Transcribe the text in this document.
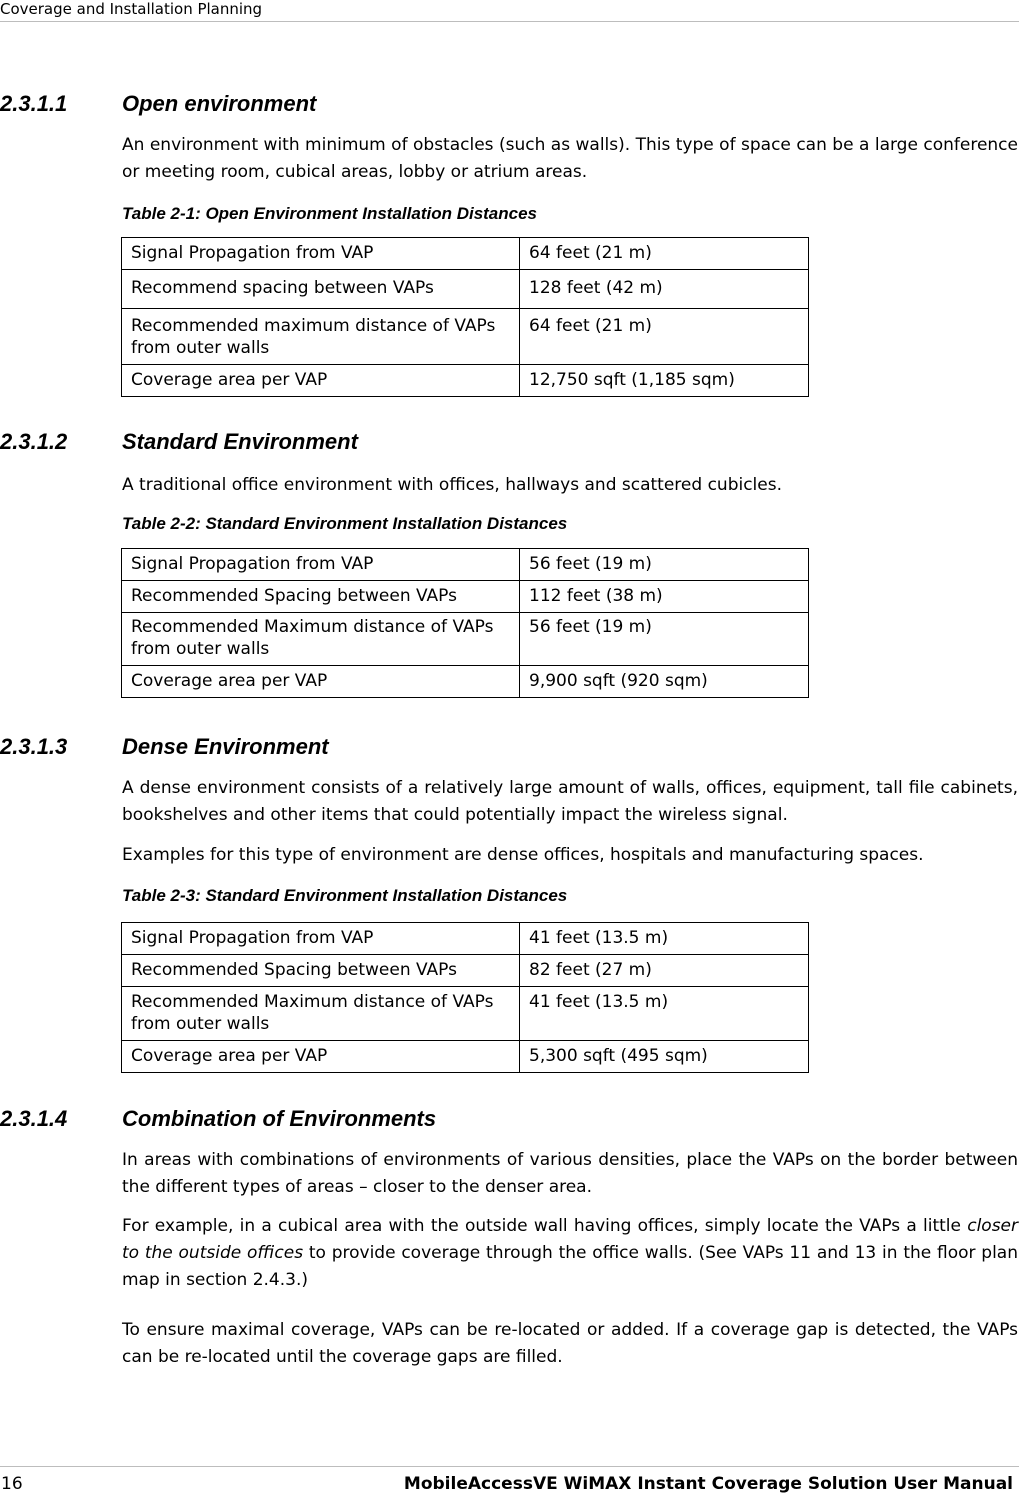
Coverage and Installation Planning
2.3.1.1	Open environment

An environment with minimum of obstacles (such as walls). This type of space can be a large conference or meeting room, cubical areas, lobby or atrium areas.

Table 2-1: Open Environment Installation Distances
Signal Propagation from VAP	64 feet (21 m)
Recommend spacing between VAPs	128 feet (42 m)
Recommended maximum distance of VAPs from outer walls	64 feet (21 m)
Coverage area per VAP	12,750 sqft (1,185 sqm)
2.3.1.2	Standard Environment

A traditional office environment with offices, hallways and scattered cubicles.

Table 2-2: Standard Environment Installation Distances
Signal Propagation from VAP	56 feet (19 m)
Recommended Spacing between VAPs	112 feet (38 m)
Recommended Maximum distance of VAPs from outer walls	56 feet (19 m)
Coverage area per VAP	9,900 sqft (920 sqm)
2.3.1.3	Dense Environment

A dense environment consists of a relatively large amount of walls, offices, equipment, tall file cabinets, bookshelves and other items that could potentially impact the wireless signal.

Examples for this type of environment are dense offices, hospitals and manufacturing spaces.

Table 2-3: Standard Environment Installation Distances
Signal Propagation from VAP	41 feet (13.5 m)
Recommended Spacing between VAPs	82 feet (27 m)
Recommended Maximum distance of VAPs from outer walls	41 feet (13.5 m)
Coverage area per VAP	5,300 sqft (495 sqm)
2.3.1.4	Combination of Environments

In areas with combinations of environments of various densities, place the VAPs on the border between the different types of areas – closer to the denser area.

For example, in a cubical area with the outside wall having offices, simply locate the VAPs a little closer to the outside offices to provide coverage through the office walls. (See VAPs 11 and 13 in the floor plan map in section 2.4.3.)

To ensure maximal coverage, VAPs can be re-located or added. If a coverage gap is detected, the VAPs can be re-located until the coverage gaps are filled.

16	MobileAccessVE WiMAX Instant Coverage Solution User Manual
